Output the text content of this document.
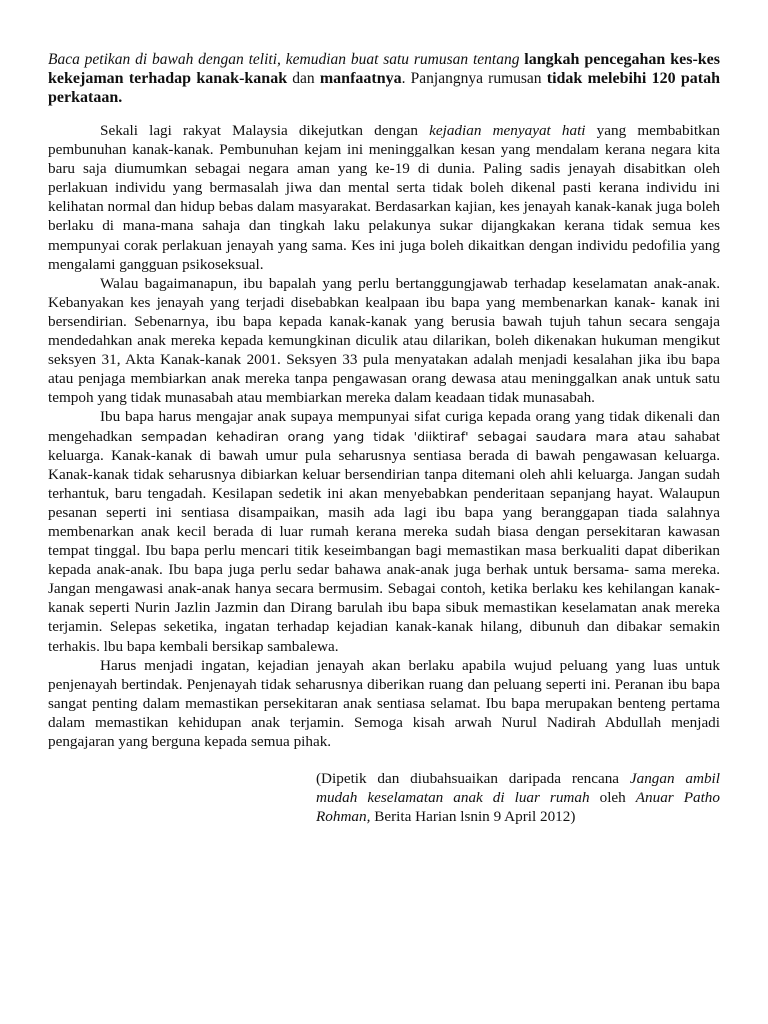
Baca petikan di bawah dengan teliti, kemudian buat satu rumusan tentang langkah pencegahan kes-kes kekejaman terhadap kanak-kanak dan manfaatnya. Panjangnya rumusan tidak melebihi 120 patah perkataan.

Sekali lagi rakyat Malaysia dikejutkan dengan kejadian menyayat hati yang membabitkan pembunuhan kanak-kanak. Pembunuhan kejam ini meninggalkan kesan yang mendalam kerana negara kita baru saja diumumkan sebagai negara aman yang ke-19 di dunia. Paling sadis jenayah disabitkan oleh perlakuan individu yang bermasalah jiwa dan mental serta tidak boleh dikenal pasti kerana individu ini kelihatan normal dan hidup bebas dalam masyarakat. Berdasarkan kajian, kes jenayah kanak-kanak juga boleh berlaku di mana-mana sahaja dan tingkah laku pelakunya sukar dijangkakan kerana tidak semua kes mempunyai corak perlakuan jenayah yang sama. Kes ini juga boleh dikaitkan dengan individu pedofilia yang mengalami gangguan psikoseksual.

Walau bagaimanapun, ibu bapalah yang perlu bertanggungjawab terhadap keselamatan anak-anak. Kebanyakan kes jenayah yang terjadi disebabkan kealpaan ibu bapa yang membenarkan kanak- kanak ini bersendirian. Sebenarnya, ibu bapa kepada kanak-kanak yang berusia bawah tujuh tahun secara sengaja mendedahkan anak mereka kepada kemungkinan diculik atau dilarikan, boleh dikenakan hukuman mengikut seksyen 31, Akta Kanak-kanak 2001. Seksyen 33 pula menyatakan adalah menjadi kesalahan jika ibu bapa atau penjaga membiarkan anak mereka tanpa pengawasan orang dewasa atau meninggalkan anak untuk satu tempoh yang tidak munasabah atau membiarkan mereka dalam keadaan tidak munasabah.

Ibu bapa harus mengajar anak supaya mempunyai sifat curiga kepada orang yang tidak dikenali dan mengehadkan sempadan kehadiran orang yang tidak 'diiktiraf' sebagai saudara mara atau sahabat keluarga. Kanak-kanak di bawah umur pula seharusnya sentiasa berada di bawah pengawasan keluarga. Kanak-kanak tidak seharusnya dibiarkan keluar bersendirian tanpa ditemani oleh ahli keluarga. Jangan sudah terhantuk, baru tengadah. Kesilapan sedetik ini akan menyebabkan penderitaan sepanjang hayat. Walaupun pesanan seperti ini sentiasa disampaikan, masih ada lagi ibu bapa yang beranggapan tiada salahnya membenarkan anak kecil berada di luar rumah kerana mereka sudah biasa dengan persekitaran kawasan tempat tinggal. Ibu bapa perlu mencari titik keseimbangan bagi memastikan masa berkualiti dapat diberikan kepada anak-anak. Ibu bapa juga perlu sedar bahawa anak-anak juga berhak untuk bersama- sama mereka. Jangan mengawasi anak-anak hanya secara bermusim. Sebagai contoh, ketika berlaku kes kehilangan kanak-kanak seperti Nurin Jazlin Jazmin dan Dirang barulah ibu bapa sibuk memastikan keselamatan anak mereka terjamin. Selepas seketika, ingatan terhadap kejadian kanak-kanak hilang, dibunuh dan dibakar semakin terhakis. lbu bapa kembali bersikap sambalewa.

Harus menjadi ingatan, kejadian jenayah akan berlaku apabila wujud peluang yang luas untuk penjenayah bertindak. Penjenayah tidak seharusnya diberikan ruang dan peluang seperti ini. Peranan ibu bapa sangat penting dalam memastikan persekitaran anak sentiasa selamat. Ibu bapa merupakan benteng pertama dalam memastikan kehidupan anak terjamin. Semoga kisah arwah Nurul Nadirah Abdullah menjadi pengajaran yang berguna kepada semua pihak.

(Dipetik dan diubahsuaikan daripada rencana Jangan ambil mudah keselamatan anak di luar rumah oleh Anuar Patho Rohman, Berita Harian lsnin 9 April 2012)
